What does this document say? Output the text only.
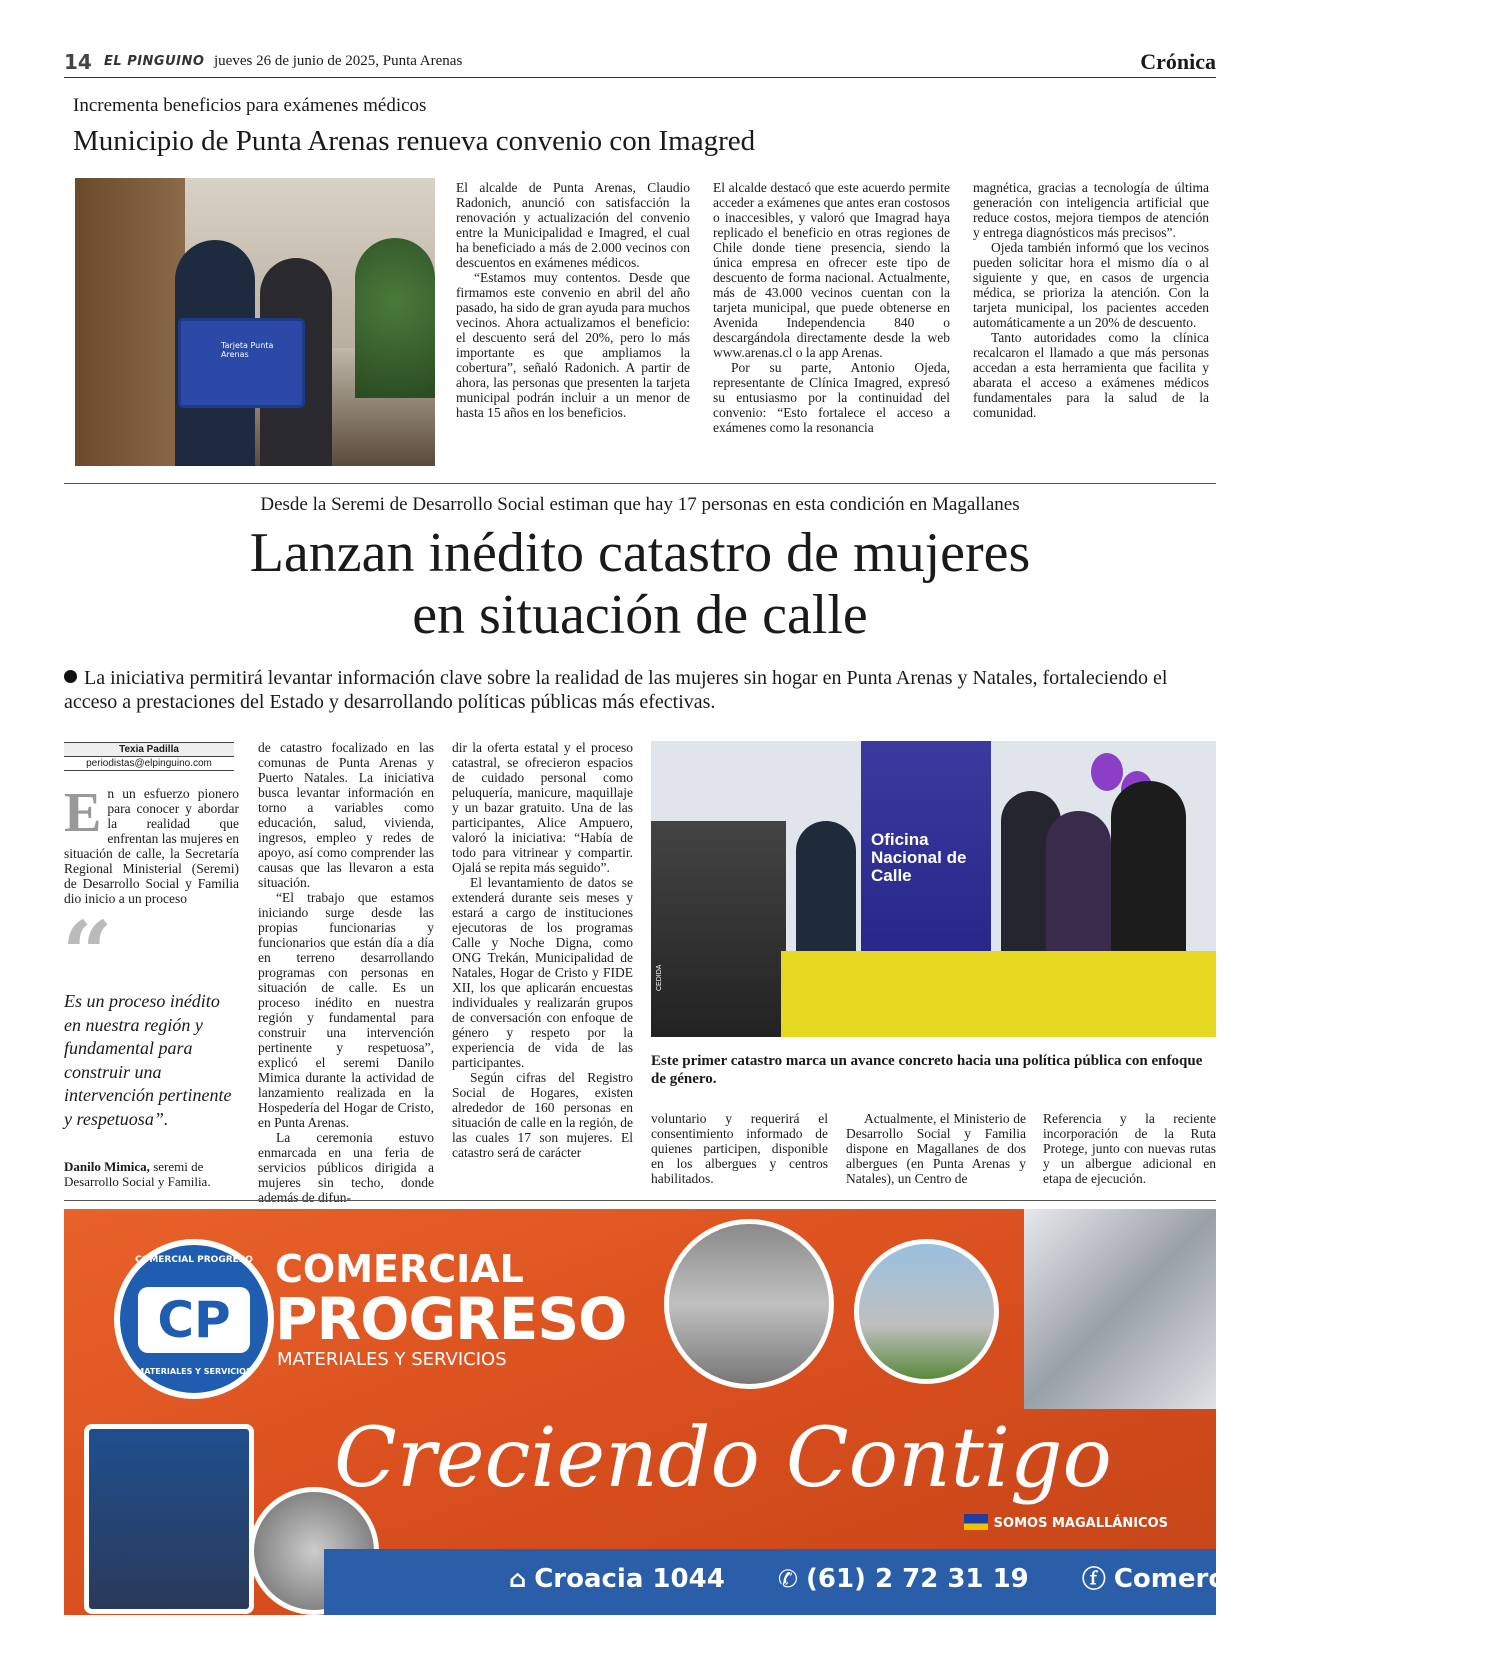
14 EL PINGUINO jueves 26 de junio de 2025, Punta Arenas	Crónica
Incrementa beneficios para exámenes médicos
Municipio de Punta Arenas renueva convenio con Imagred
Tarjeta Punta Arenas

El alcalde de Punta Arenas, Claudio Radonich, anunció con satisfacción la renovación y actualización del convenio entre la Municipalidad e Imagred, el cual ha beneficiado a más de 2.000 vecinos con descuentos en exámenes médicos.

“Estamos muy contentos. Desde que firmamos este convenio en abril del año pasado, ha sido de gran ayuda para muchos vecinos. Ahora actualizamos el beneficio: el descuento será del 20%, pero lo más importante es que ampliamos la cobertura”, señaló Radonich. A partir de ahora, las personas que presenten la tarjeta municipal podrán incluir a un menor de hasta 15 años en los beneficios.

El alcalde destacó que este acuerdo permite acceder a exámenes que antes eran costosos o inaccesibles, y valoró que Imagrad haya replicado el beneficio en otras regiones de Chile donde tiene presencia, siendo la única empresa en ofrecer este tipo de descuento de forma nacional. Actualmente, más de 43.000 vecinos cuentan con la tarjeta municipal, que puede obtenerse en Avenida Independencia 840 o descargándola directamente desde la web www.arenas.cl o la app Arenas.

Por su parte, Antonio Ojeda, representante de Clínica Imagred, expresó su entusiasmo por la continuidad del convenio: “Esto fortalece el acceso a exámenes como la resonancia

magnética, gracias a tecnología de última generación con inteligencia artificial que reduce costos, mejora tiempos de atención y entrega diagnósticos más precisos”.

Ojeda también informó que los vecinos pueden solicitar hora el mismo día o al siguiente y que, en casos de urgencia médica, se prioriza la atención. Con la tarjeta municipal, los pacientes acceden automáticamente a un 20% de descuento.

Tanto autoridades como la clínica recalcaron el llamado a que más personas accedan a esta herramienta que facilita y abarata el acceso a exámenes médicos fundamentales para la salud de la comunidad.

Desde la Seremi de Desarrollo Social estiman que hay 17 personas en esta condición en Magallanes
Lanzan inédito catastro de mujeres
en situación de calle
La iniciativa permitirá levantar información clave sobre la realidad de las mujeres sin hogar en Punta Arenas y Natales, fortaleciendo el acceso a prestaciones del Estado y desarrollando políticas públicas más efectivas.
Texia Padilla
periodistas@elpinguino.com

En un esfuerzo pionero para conocer y abordar la realidad que enfrentan las mujeres en situación de calle, la Secretaría Regional Ministerial (Seremi) de Desarrollo Social y Familia dio inicio a un proceso

“
Es un proceso inédito en nuestra región y fundamental para construir una intervención pertinente y respetuosa”.
Danilo Mimica, seremi de Desarrollo Social y Familia.

de catastro focalizado en las comunas de Punta Arenas y Puerto Natales. La iniciativa busca levantar información en torno a variables como educación, salud, vivienda, ingresos, empleo y redes de apoyo, así como comprender las causas que las llevaron a esta situación.

“El trabajo que estamos iniciando surge desde las propias funcionarias y funcionarios que están día a día en terreno desarrollando programas con personas en situación de calle. Es un proceso inédito en nuestra región y fundamental para construir una intervención pertinente y respetuosa”, explicó el seremi Danilo Mimica durante la actividad de lanzamiento realizada en la Hospedería del Hogar de Cristo, en Punta Arenas.

La ceremonia estuvo enmarcada en una feria de servicios públicos dirigida a mujeres sin techo, donde además de difun-

dir la oferta estatal y el proceso catastral, se ofrecieron espacios de cuidado personal como peluquería, manicure, maquillaje y un bazar gratuito. Una de las participantes, Alice Ampuero, valoró la iniciativa: “Había de todo para vitrinear y compartir. Ojalá se repita más seguido”.

El levantamiento de datos se extenderá durante seis meses y estará a cargo de instituciones ejecutoras de los programas Calle y Noche Digna, como ONG Trekán, Municipalidad de Natales, Hogar de Cristo y FIDE XII, los que aplicarán encuestas individuales y realizarán grupos de conversación con enfoque de género y respeto por la experiencia de vida de las participantes.

Según cifras del Registro Social de Hogares, existen alrededor de 160 personas en situación de calle en la región, de las cuales 17 son mujeres. El catastro será de carácter

Oficina Nacional de Calle
CEDIDA
Este primer catastro marca un avance concreto hacia una política pública con enfoque de género.

voluntario y requerirá el consentimiento informado de quienes participen, disponible en los albergues y centros habilitados.

Actualmente, el Ministerio de Desarrollo Social y Familia dispone en Magallanes de dos albergues (en Punta Arenas y Natales), un Centro de

Referencia y la reciente incorporación de la Ruta Protege, junto con nuevas rutas y un albergue adicional en etapa de ejecución.

COMERCIAL PROGRESO
CP
MATERIALES Y SERVICIOS
COMERCIAL
PROGRESO
MATERIALES Y SERVICIOS
Creciendo Contigo
SOMOS MAGALLÁNICOS
⌂ Croacia 1044 ✆ (61) 2 72 31 19 ⓕ Comercial Progreso puq
